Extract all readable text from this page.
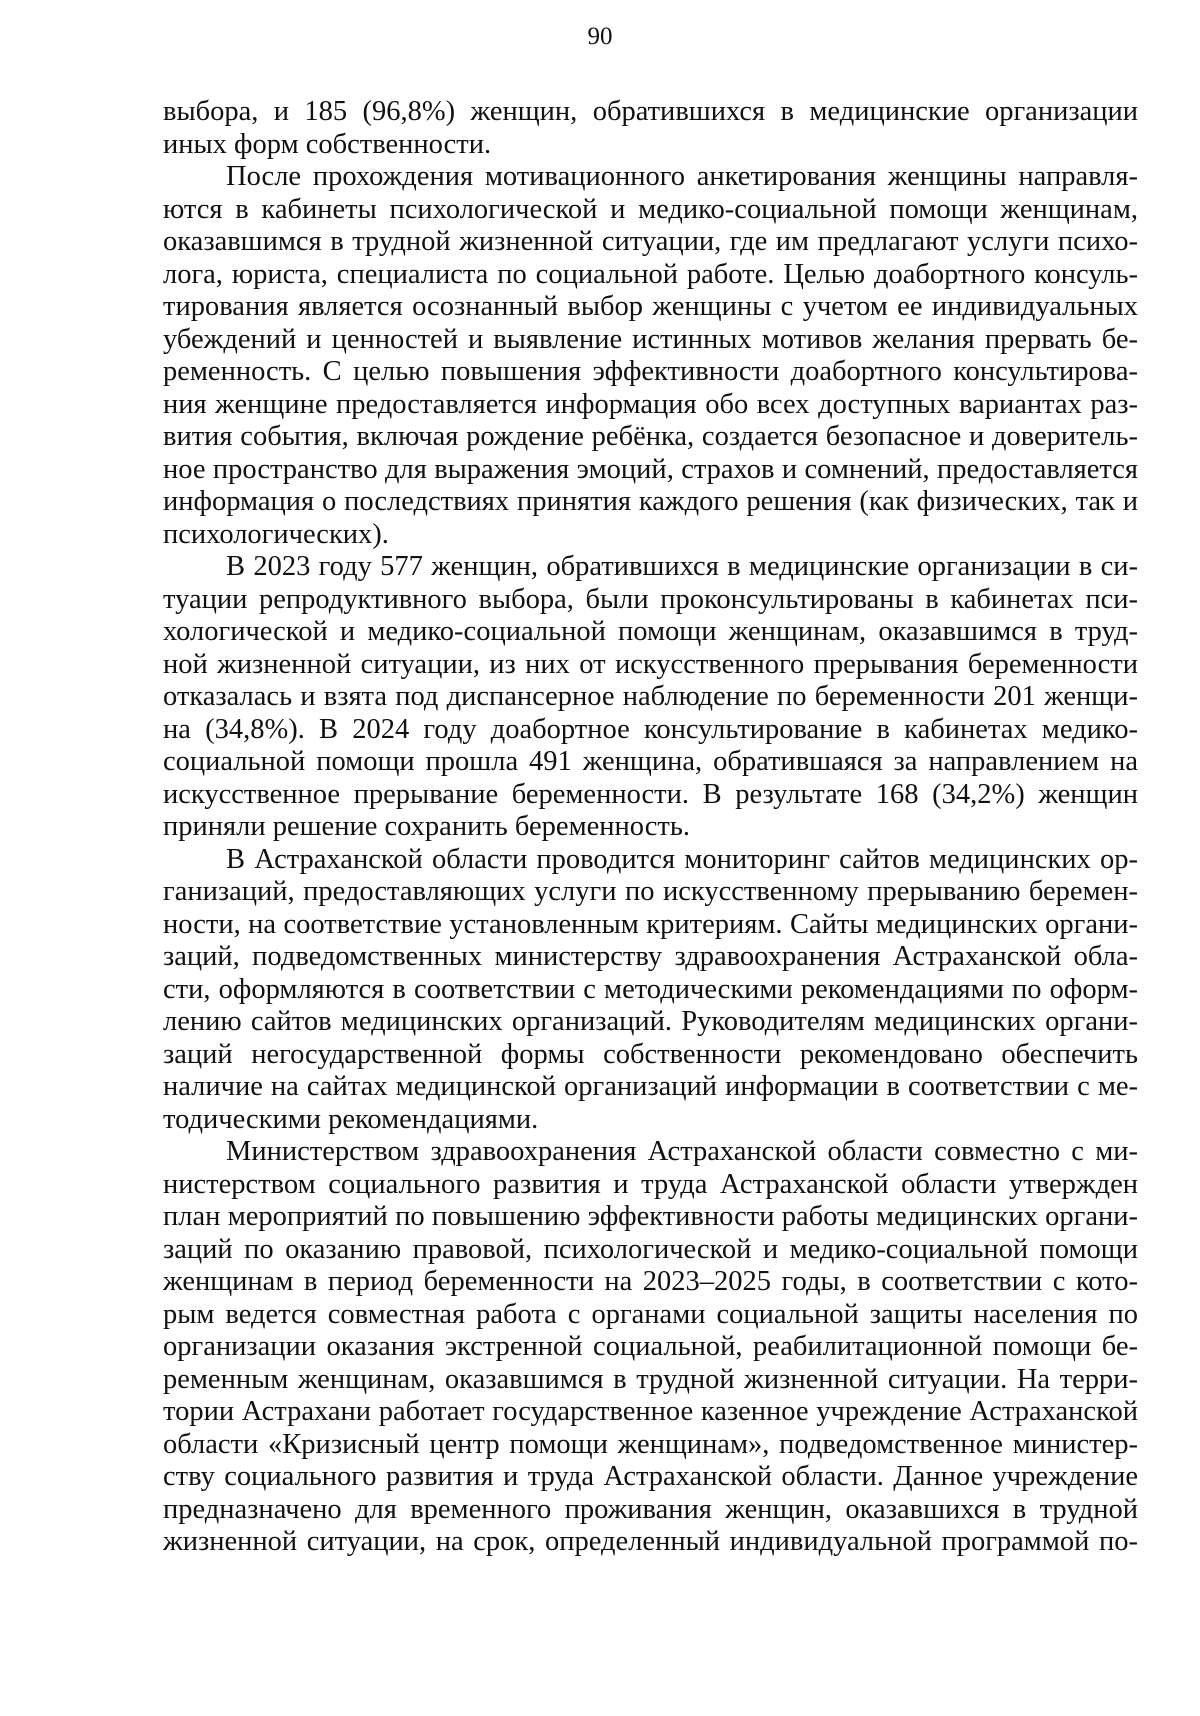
90
выбора, и 185 (96,8%) женщин, обратившихся в медицинские организации
иных форм собственности.
После прохождения мотивационного анкетирования женщины направля-
ются в кабинеты психологической и медико-социальной помощи женщинам,
оказавшимся в трудной жизненной ситуации, где им предлагают услуги психо-
лога, юриста, специалиста по социальной работе. Целью доабортного консуль-
тирования является осознанный выбор женщины с учетом ее индивидуальных
убеждений и ценностей и выявление истинных мотивов желания прервать бе-
ременность. С целью повышения эффективности доабортного консультирова-
ния женщине предоставляется информация обо всех доступных вариантах раз-
вития события, включая рождение ребёнка, создается безопасное и доверитель-
ное пространство для выражения эмоций, страхов и сомнений, предоставляется
информация о последствиях принятия каждого решения (как физических, так и
психологических).
В 2023 году 577 женщин, обратившихся в медицинские организации в си-
туации репродуктивного выбора, были проконсультированы в кабинетах пси-
хологической и медико-социальной помощи женщинам, оказавшимся в труд-
ной жизненной ситуации, из них от искусственного прерывания беременности
отказалась и взята под диспансерное наблюдение по беременности 201 женщи-
на (34,8%). В 2024 году доабортное консультирование в кабинетах медико-
социальной помощи прошла 491 женщина, обратившаяся за направлением на
искусственное прерывание беременности. В результате 168 (34,2%) женщин
приняли решение сохранить беременность.
В Астраханской области проводится мониторинг сайтов медицинских ор-
ганизаций, предоставляющих услуги по искусственному прерыванию беремен-
ности, на соответствие установленным критериям. Сайты медицинских органи-
заций, подведомственных министерству здравоохранения Астраханской обла-
сти, оформляются в соответствии с методическими рекомендациями по оформ-
лению сайтов медицинских организаций. Руководителям медицинских органи-
заций негосударственной формы собственности рекомендовано обеспечить
наличие на сайтах медицинской организаций информации в соответствии с ме-
тодическими рекомендациями.
Министерством здравоохранения Астраханской области совместно с ми-
нистерством социального развития и труда Астраханской области утвержден
план мероприятий по повышению эффективности работы медицинских органи-
заций по оказанию правовой, психологической и медико-социальной помощи
женщинам в период беременности на 2023–2025 годы, в соответствии с кото-
рым ведется совместная работа с органами социальной защиты населения по
организации оказания экстренной социальной, реабилитационной помощи бе-
ременным женщинам, оказавшимся в трудной жизненной ситуации. На терри-
тории Астрахани работает государственное казенное учреждение Астраханской
области «Кризисный центр помощи женщинам», подведомственное министер-
ству социального развития и труда Астраханской области. Данное учреждение
предназначено для временного проживания женщин, оказавшихся в трудной
жизненной ситуации, на срок, определенный индивидуальной программой по-
